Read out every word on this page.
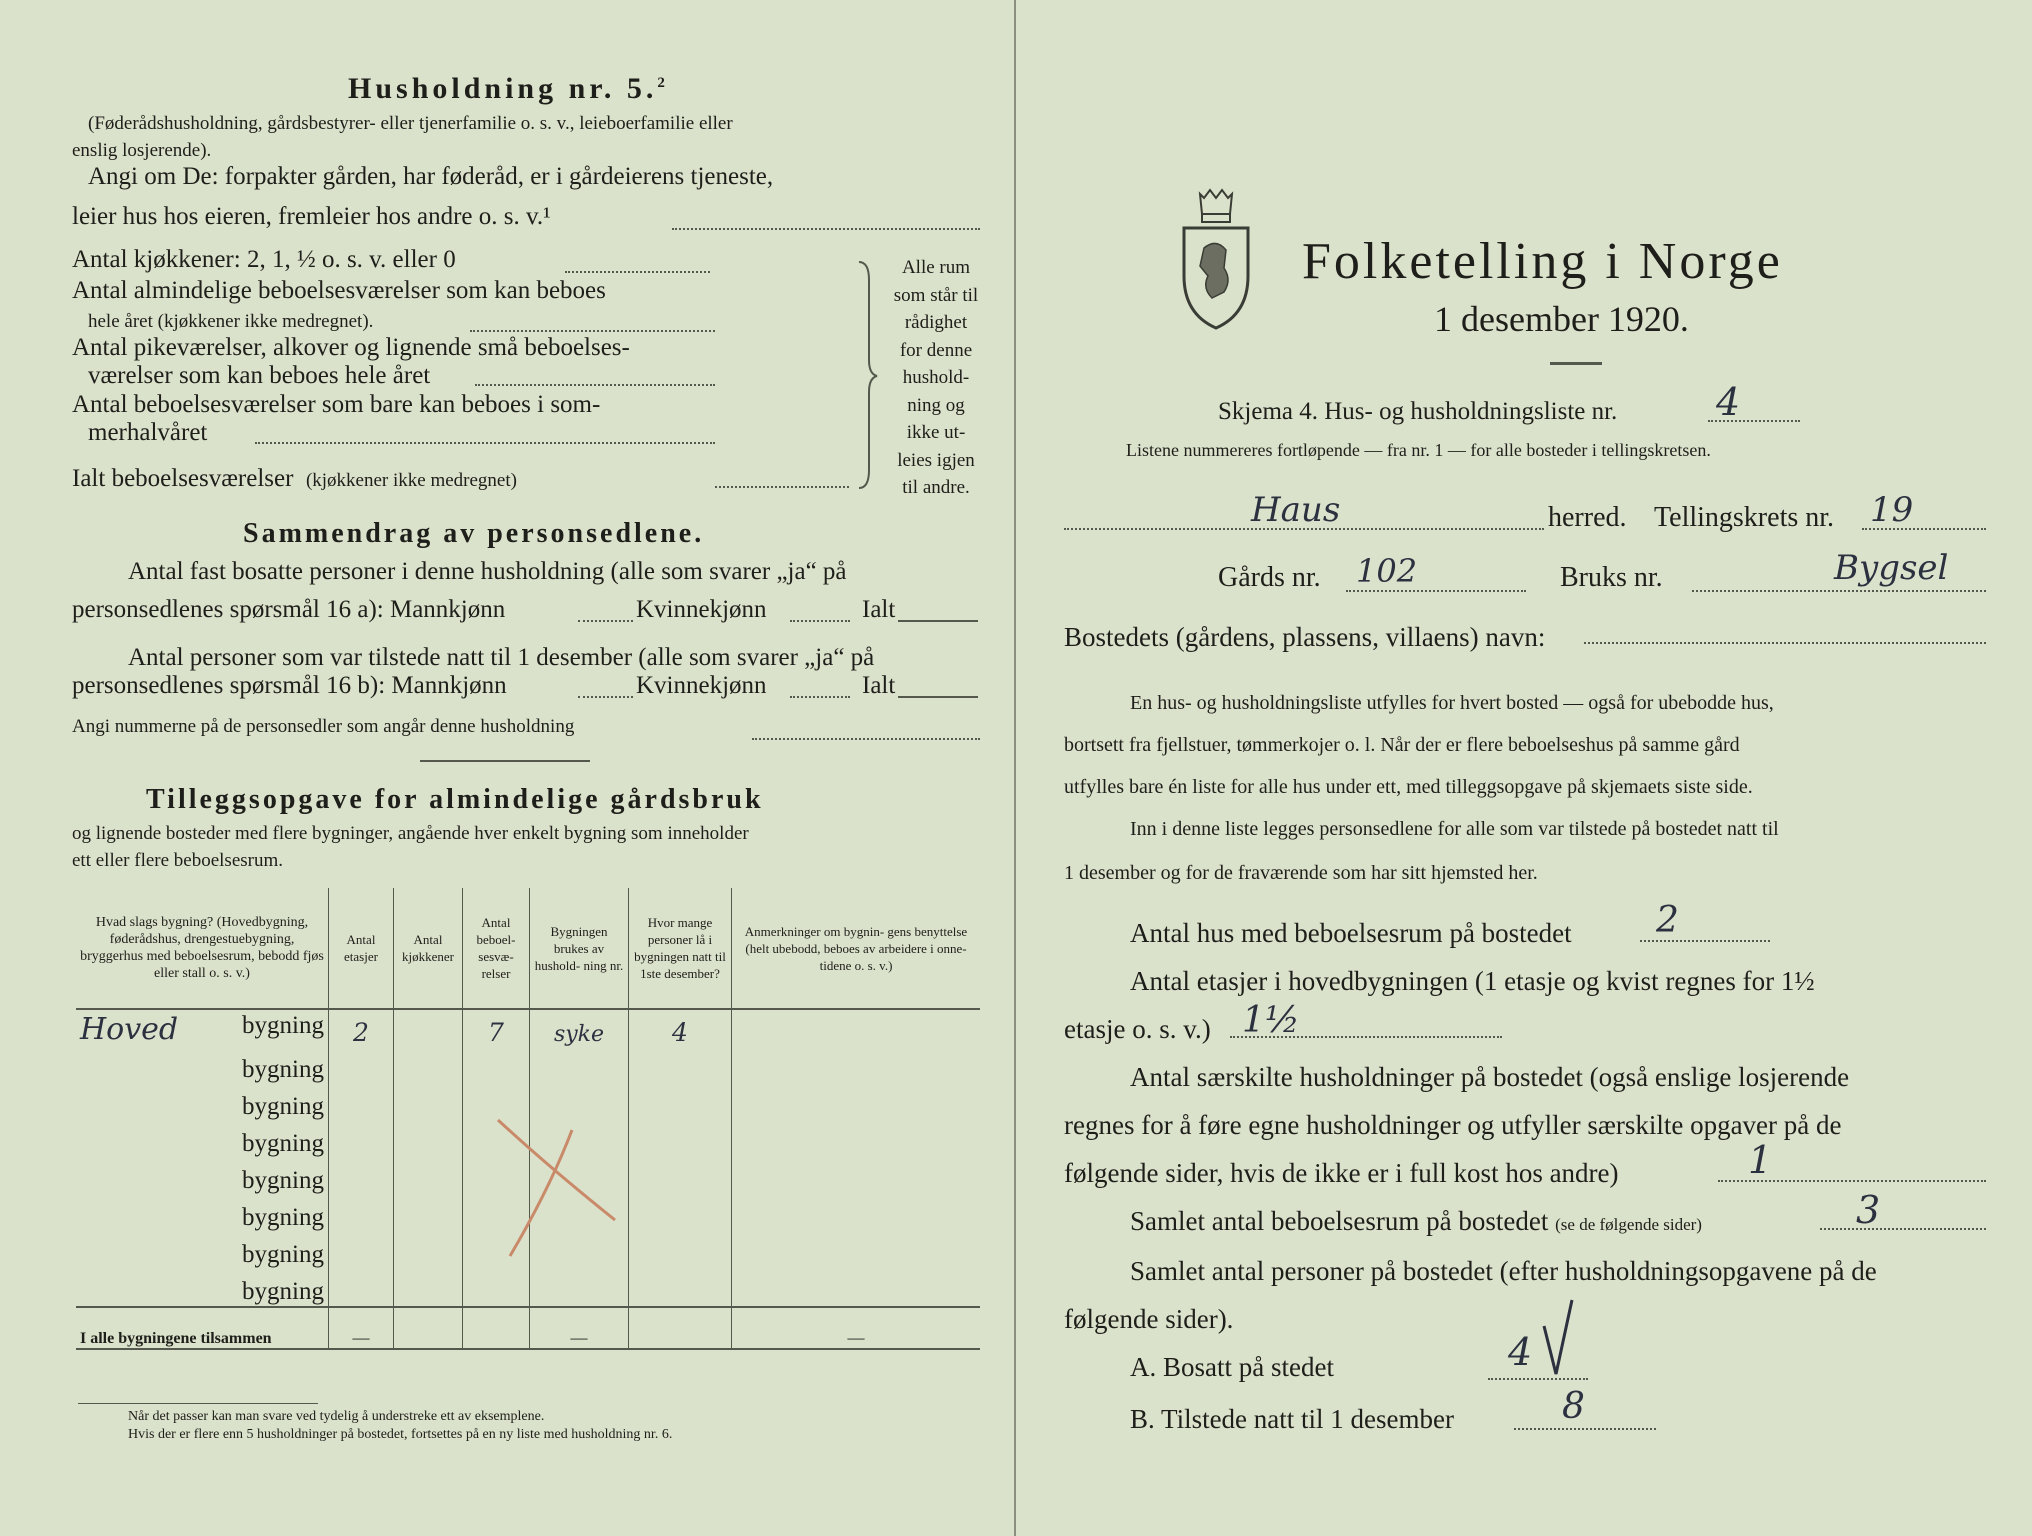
Husholdning nr. 5.$^2$
(Føderådshusholdning, gårdsbestyrer- eller tjenerfamilie o. s. v., leieboerfamilie eller
enslig losjerende).
Angi om De: forpakter gården, har føderåd, er i gårdeierens tjeneste,
leier hus hos eieren, fremleier hos andre o. s. v.¹
Antal kjøkkener: 2, 1, ½ o. s. v. eller 0
Antal almindelige beboelsesværelser som kan beboes
hele året (kjøkkener ikke medregnet).
Antal pikeværelser, alkover og lignende små beboelses-
værelser som kan beboes hele året
Antal beboelsesværelser som bare kan beboes i som-
merhalvåret
Ialt beboelsesværelser (kjøkkener ikke medregnet)
Alle rum
som står til
rådighet
for denne
hushold-
ning og
ikke ut-
leies igjen
til andre.
Sammendrag av personsedlene.
Antal fast bosatte personer i denne husholdning (alle som svarer „ja“ på
personsedlenes spørsmål 16 a): Mannkjønn	Kvinnekjønn	Ialt
Antal personer som var tilstede natt til 1 desember (alle som svarer „ja“ på
personsedlenes spørsmål 16 b): Mannkjønn	Kvinnekjønn	Ialt
Angi nummerne på de personsedler som angår denne husholdning
Tilleggsopgave for almindelige gårdsbruk
og lignende bosteder med flere bygninger, angående hver enkelt bygning som inneholder
ett eller flere beboelsesrum.
Hvad slags bygning? (Hovedbygning, føderådshus, drengestuebygning, bryggerhus med beboelsesrum, bebodd fjøs eller stall o. s. v.)	Antal etasjer	Antal kjøkkener	Antal beboel- sesvæ- relser	Bygningen brukes av hushold- ning nr.	Hvor mange personer lå i bygningen natt til 1ste desember?	Anmerkninger om bygnin- gens benyttelse (helt ubebodd, beboes av arbeidere i onne- tidene o. s. v.)

Hoved bygning	2		7	syke	4	
bygning						
bygning						
bygning						
bygning						
bygning						
bygning						
bygning						
I alle bygningene tilsammen	—			—		—
Når det passer kan man svare ved tydelig å understreke ett av eksemplene.
Hvis der er flere enn 5 husholdninger på bostedet, fortsettes på en ny liste med husholdning nr. 6.
Folketelling i Norge
1 desember 1920.
Skjema 4. Hus- og husholdningsliste nr.	4
Listene nummereres fortløpende — fra nr. 1 — for alle bosteder i tellingskretsen.
Haus	herred. Tellingskrets nr. 19
Gårds nr. 102	Bruks nr.	Bygsel
Bostedets (gårdens, plassens, villaens) navn:
En hus- og husholdningsliste utfylles for hvert bosted — også for ubebodde hus,
bortsett fra fjellstuer, tømmerkojer o. l. Når der er flere beboelseshus på samme gård
utfylles bare én liste for alle hus under ett, med tilleggsopgave på skjemaets siste side.
Inn i denne liste legges personsedlene for alle som var tilstede på bostedet natt til
1 desember og for de fraværende som har sitt hjemsted her.
Antal hus med beboelsesrum på bostedet 2
Antal etasjer i hovedbygningen (1 etasje og kvist regnes for 1½
etasje o. s. v.) 1½
Antal særskilte husholdninger på bostedet (også enslige losjerende
regnes for å føre egne husholdninger og utfyller særskilte opgaver på de
følgende sider, hvis de ikke er i full kost hos andre)	1
Samlet antal beboelsesrum på bostedet (se de følgende sider)	3
Samlet antal personer på bostedet (efter husholdningsopgavene på de
følgende sider).
A. Bosatt på stedet	4
B. Tilstede natt til 1 desember	8
